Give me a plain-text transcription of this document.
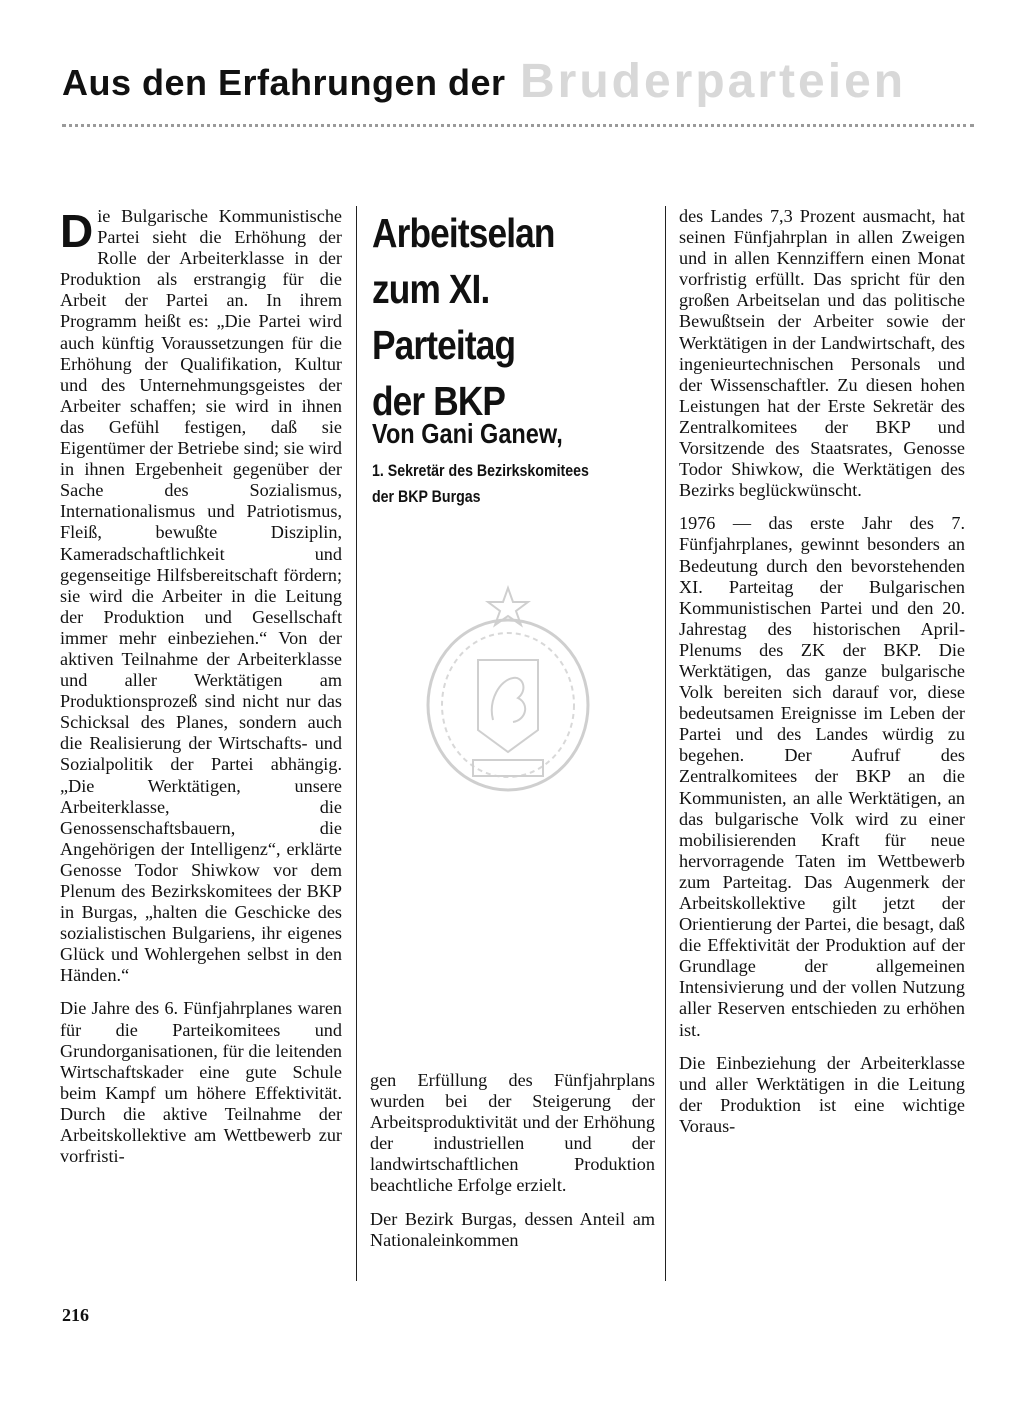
Aus den Erfahrungen der Bruderparteien

Die Bulgarische Kommunistische Partei sieht die Erhöhung der Rolle der Arbeiterklasse in der Produktion als erstrangig für die Arbeit der Partei an. In ihrem Programm heißt es: „Die Partei wird auch künftig Voraussetzungen für die Erhöhung der Qualifikation, Kultur und des Unternehmungsgeistes der Arbeiter schaffen; sie wird in ihnen das Gefühl festigen, daß sie Eigentümer der Betriebe sind; sie wird in ihnen Ergebenheit gegenüber der Sache des Sozialismus, Internationalismus und Patriotismus, Fleiß, bewußte Disziplin, Kameradschaftlichkeit und gegenseitige Hilfsbereitschaft fördern; sie wird die Arbeiter in die Leitung der Produktion und Gesellschaft immer mehr einbeziehen.“ Von der aktiven Teilnahme der Arbeiterklasse und aller Werktätigen am Produktionsprozeß sind nicht nur das Schicksal des Planes, sondern auch die Realisierung der Wirtschafts- und Sozialpolitik der Partei abhängig. „Die Werktätigen, unsere Arbeiterklasse, die Genossenschaftsbauern, die Angehörigen der Intelligenz“, erklärte Genosse Todor Shiwkow vor dem Plenum des Bezirkskomitees der BKP in Burgas, „halten die Geschicke des sozialistischen Bulgariens, ihr eigenes Glück und Wohlergehen selbst in den Händen.“

Die Jahre des 6. Fünfjahrplanes waren für die Parteikomitees und Grundorganisationen, für die leitenden Wirtschaftskader eine gute Schule beim Kampf um höhere Effektivität. Durch die aktive Teilnahme der Arbeitskollektive am Wettbewerb zur vorfristi-

Arbeitselan
zum XI. Parteitag
der BKP
Von Gani Ganew,
1. Sekretär des Bezirkskomitees
der BKP Burgas

gen Erfüllung des Fünfjahrplans wurden bei der Steigerung der Arbeitsproduktivität und der Erhöhung der industriellen und der landwirtschaftlichen Produktion beachtliche Erfolge erzielt.

Der Bezirk Burgas, dessen Anteil am Nationaleinkommen

des Landes 7,3 Prozent ausmacht, hat seinen Fünfjahrplan in allen Zweigen und in allen Kennziffern einen Monat vorfristig erfüllt. Das spricht für den großen Arbeitselan und das politische Bewußtsein der Arbeiter sowie der Werktätigen in der Landwirtschaft, des ingenieurtechnischen Personals und der Wissenschaftler. Zu diesen hohen Leistungen hat der Erste Sekretär des Zentralkomitees der BKP und Vorsitzende des Staatsrates, Genosse Todor Shiwkow, die Werktätigen des Bezirks beglückwünscht.

1976 — das erste Jahr des 7. Fünfjahrplanes, gewinnt besonders an Bedeutung durch den bevorstehenden XI. Parteitag der Bulgarischen Kommunistischen Partei und den 20. Jahrestag des historischen April-Plenums des ZK der BKP. Die Werktätigen, das ganze bulgarische Volk bereiten sich darauf vor, diese bedeutsamen Ereignisse im Leben der Partei und des Landes würdig zu begehen. Der Aufruf des Zentralkomitees der BKP an die Kommunisten, an alle Werktätigen, an das bulgarische Volk wird zu einer mobilisierenden Kraft für neue hervorragende Taten im Wettbewerb zum Parteitag. Das Augenmerk der Arbeitskollektive gilt jetzt der Orientierung der Partei, die besagt, daß die Effektivität der Produktion auf der Grundlage der allgemeinen Intensivierung und der vollen Nutzung aller Reserven entschieden zu erhöhen ist.

Die Einbeziehung der Arbeiterklasse und aller Werktätigen in die Leitung der Produktion ist eine wichtige Voraus-

216
